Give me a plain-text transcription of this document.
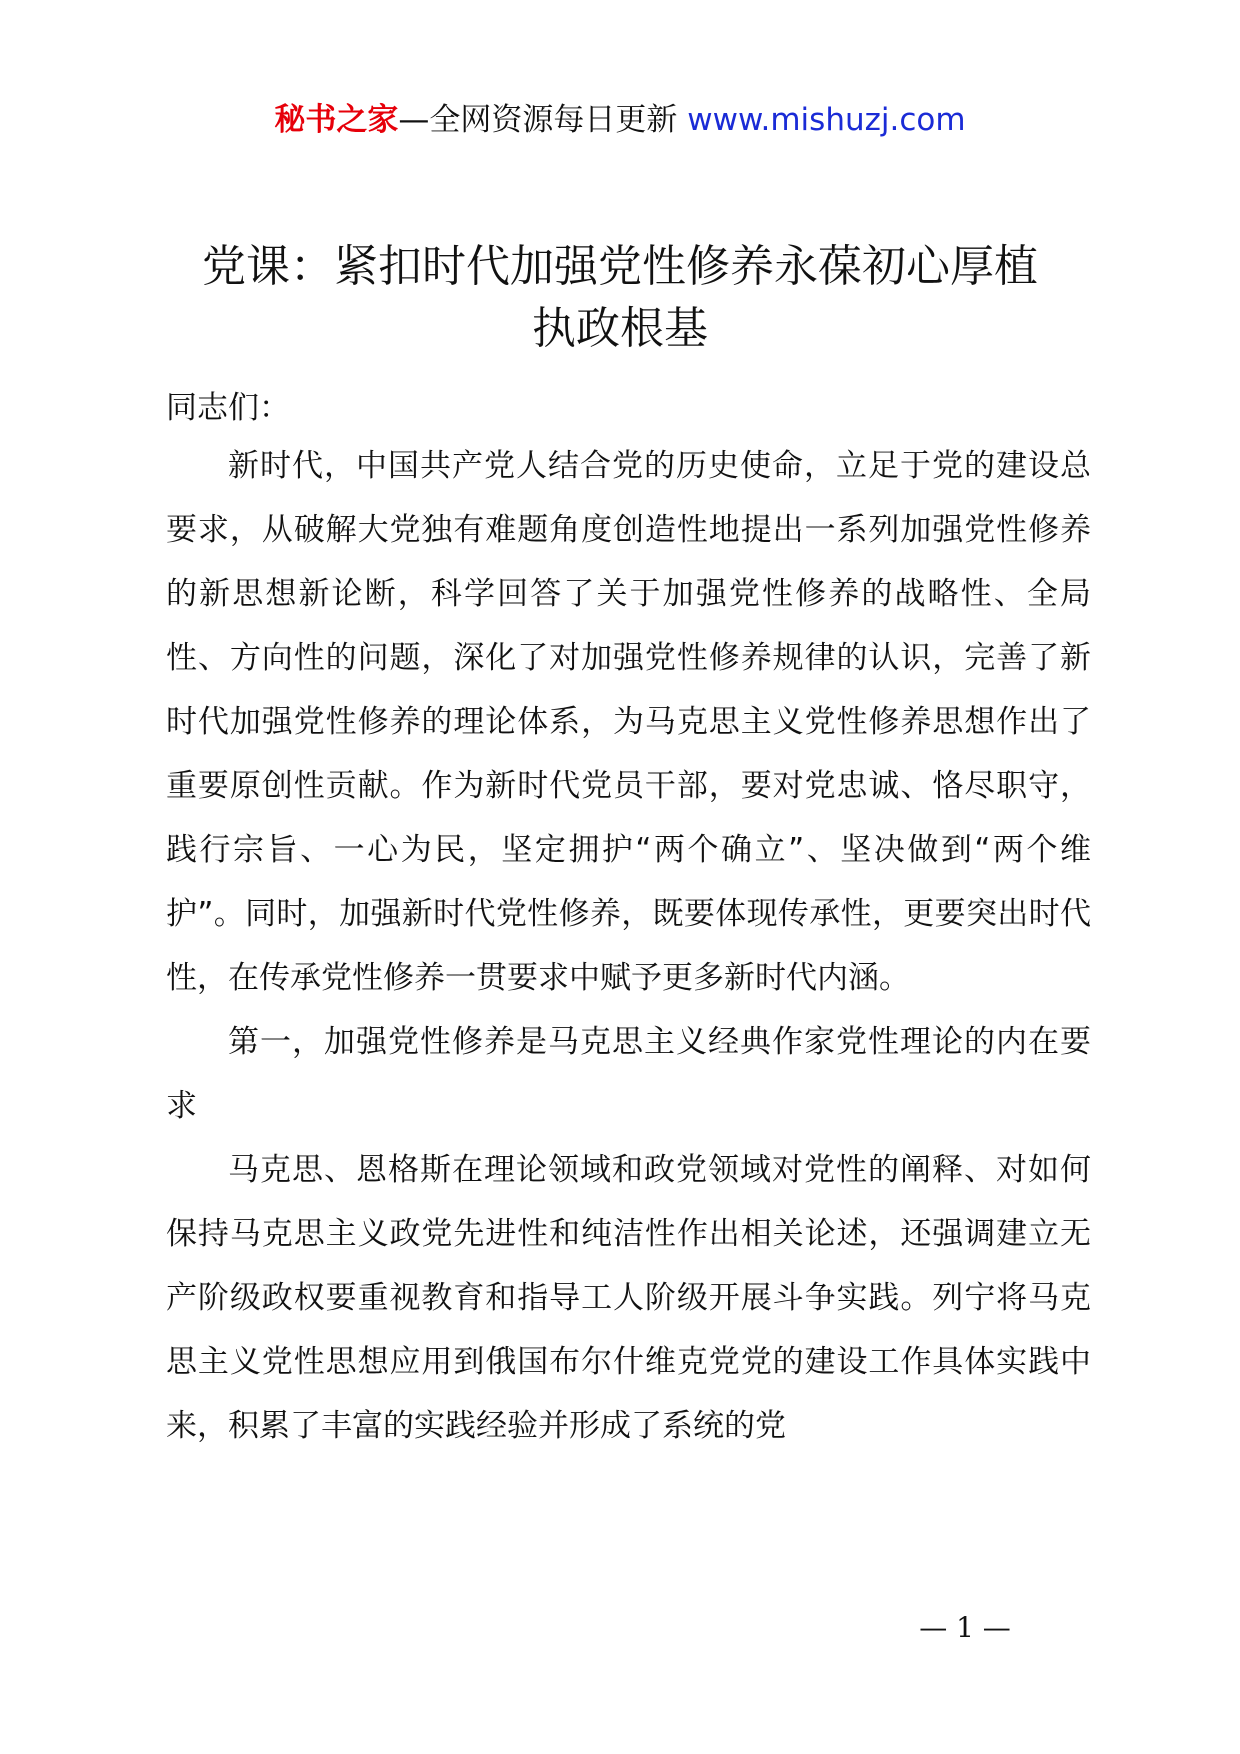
秘书之家—全网资源每日更新 www.mishuzj.com
党课：紧扣时代加强党性修养永葆初心厚植
执政根基

同志们：

新时代，中国共产党人结合党的历史使命，立足于党的建设总要求，从破解大党独有难题角度创造性地提出一系列加强党性修养的新思想新论断，科学回答了关于加强党性修养的战略性、全局性、方向性的问题，深化了对加强党性修养规律的认识，完善了新时代加强党性修养的理论体系，为马克思主义党性修养思想作出了重要原创性贡献。作为新时代党员干部，要对党忠诚、恪尽职守，践行宗旨、一心为民，坚定拥护“两个确立”、坚决做到“两个维护”。同时，加强新时代党性修养，既要体现传承性，更要突出时代性，在传承党性修养一贯要求中赋予更多新时代内涵。

第一，加强党性修养是马克思主义经典作家党性理论的内在要求

马克思、恩格斯在理论领域和政党领域对党性的阐释、对如何保持马克思主义政党先进性和纯洁性作出相关论述，还强调建立无产阶级政权要重视教育和指导工人阶级开展斗争实践。列宁将马克思主义党性思想应用到俄国布尔什维克党党的建设工作具体实践中来，积累了丰富的实践经验并形成了系统的党

— 1 —
